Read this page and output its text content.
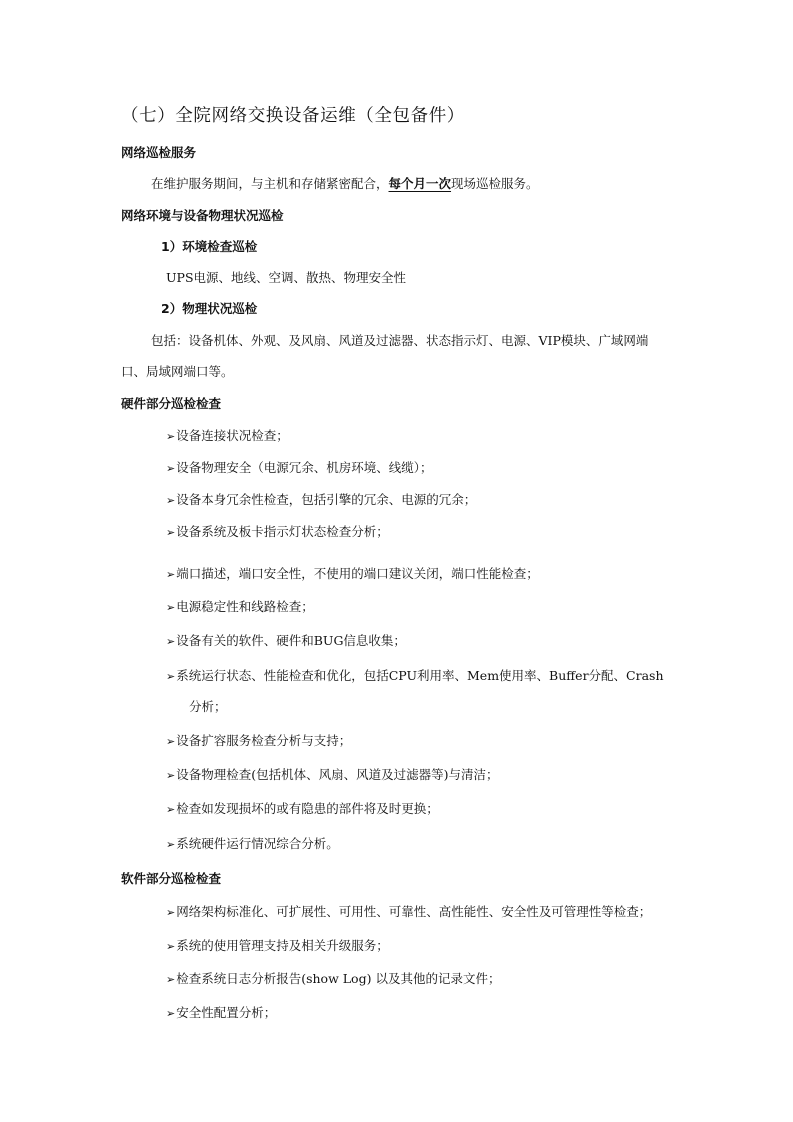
（七）全院网络交换设备运维（全包备件）
网络巡检服务
在维护服务期间，与主机和存储紧密配合，每个月一次现场巡检服务。
网络环境与设备物理状况巡检
1）环境检查巡检
UPS电源、地线、空调、散热、物理安全性
2）物理状况巡检
包括：设备机体、外观、及风扇、风道及过滤器、状态指示灯、电源、VIP模块、广域网端
口、局域网端口等。
硬件部分巡检检查
➢设备连接状况检查；
➢设备物理安全（电源冗余、机房环境、线缆）；
➢设备本身冗余性检查，包括引擎的冗余、电源的冗余；
➢设备系统及板卡指示灯状态检查分析；
➢端口描述，端口安全性，不使用的端口建议关闭，端口性能检查；
➢电源稳定性和线路检查；
➢设备有关的软件、硬件和BUG信息收集；
➢系统运行状态、性能检查和优化，包括CPU利用率、Mem使用率、Buffer分配、Crash
分析；
➢设备扩容服务检查分析与支持；
➢设备物理检查(包括机体、风扇、风道及过滤器等)与清洁；
➢检查如发现损坏的或有隐患的部件将及时更换；
➢系统硬件运行情况综合分析。
软件部分巡检检查
➢网络架构标准化、可扩展性、可用性、可靠性、高性能性、安全性及可管理性等检查；
➢系统的使用管理支持及相关升级服务；
➢检查系统日志分析报告(show Log) 以及其他的记录文件；
➢安全性配置分析；
